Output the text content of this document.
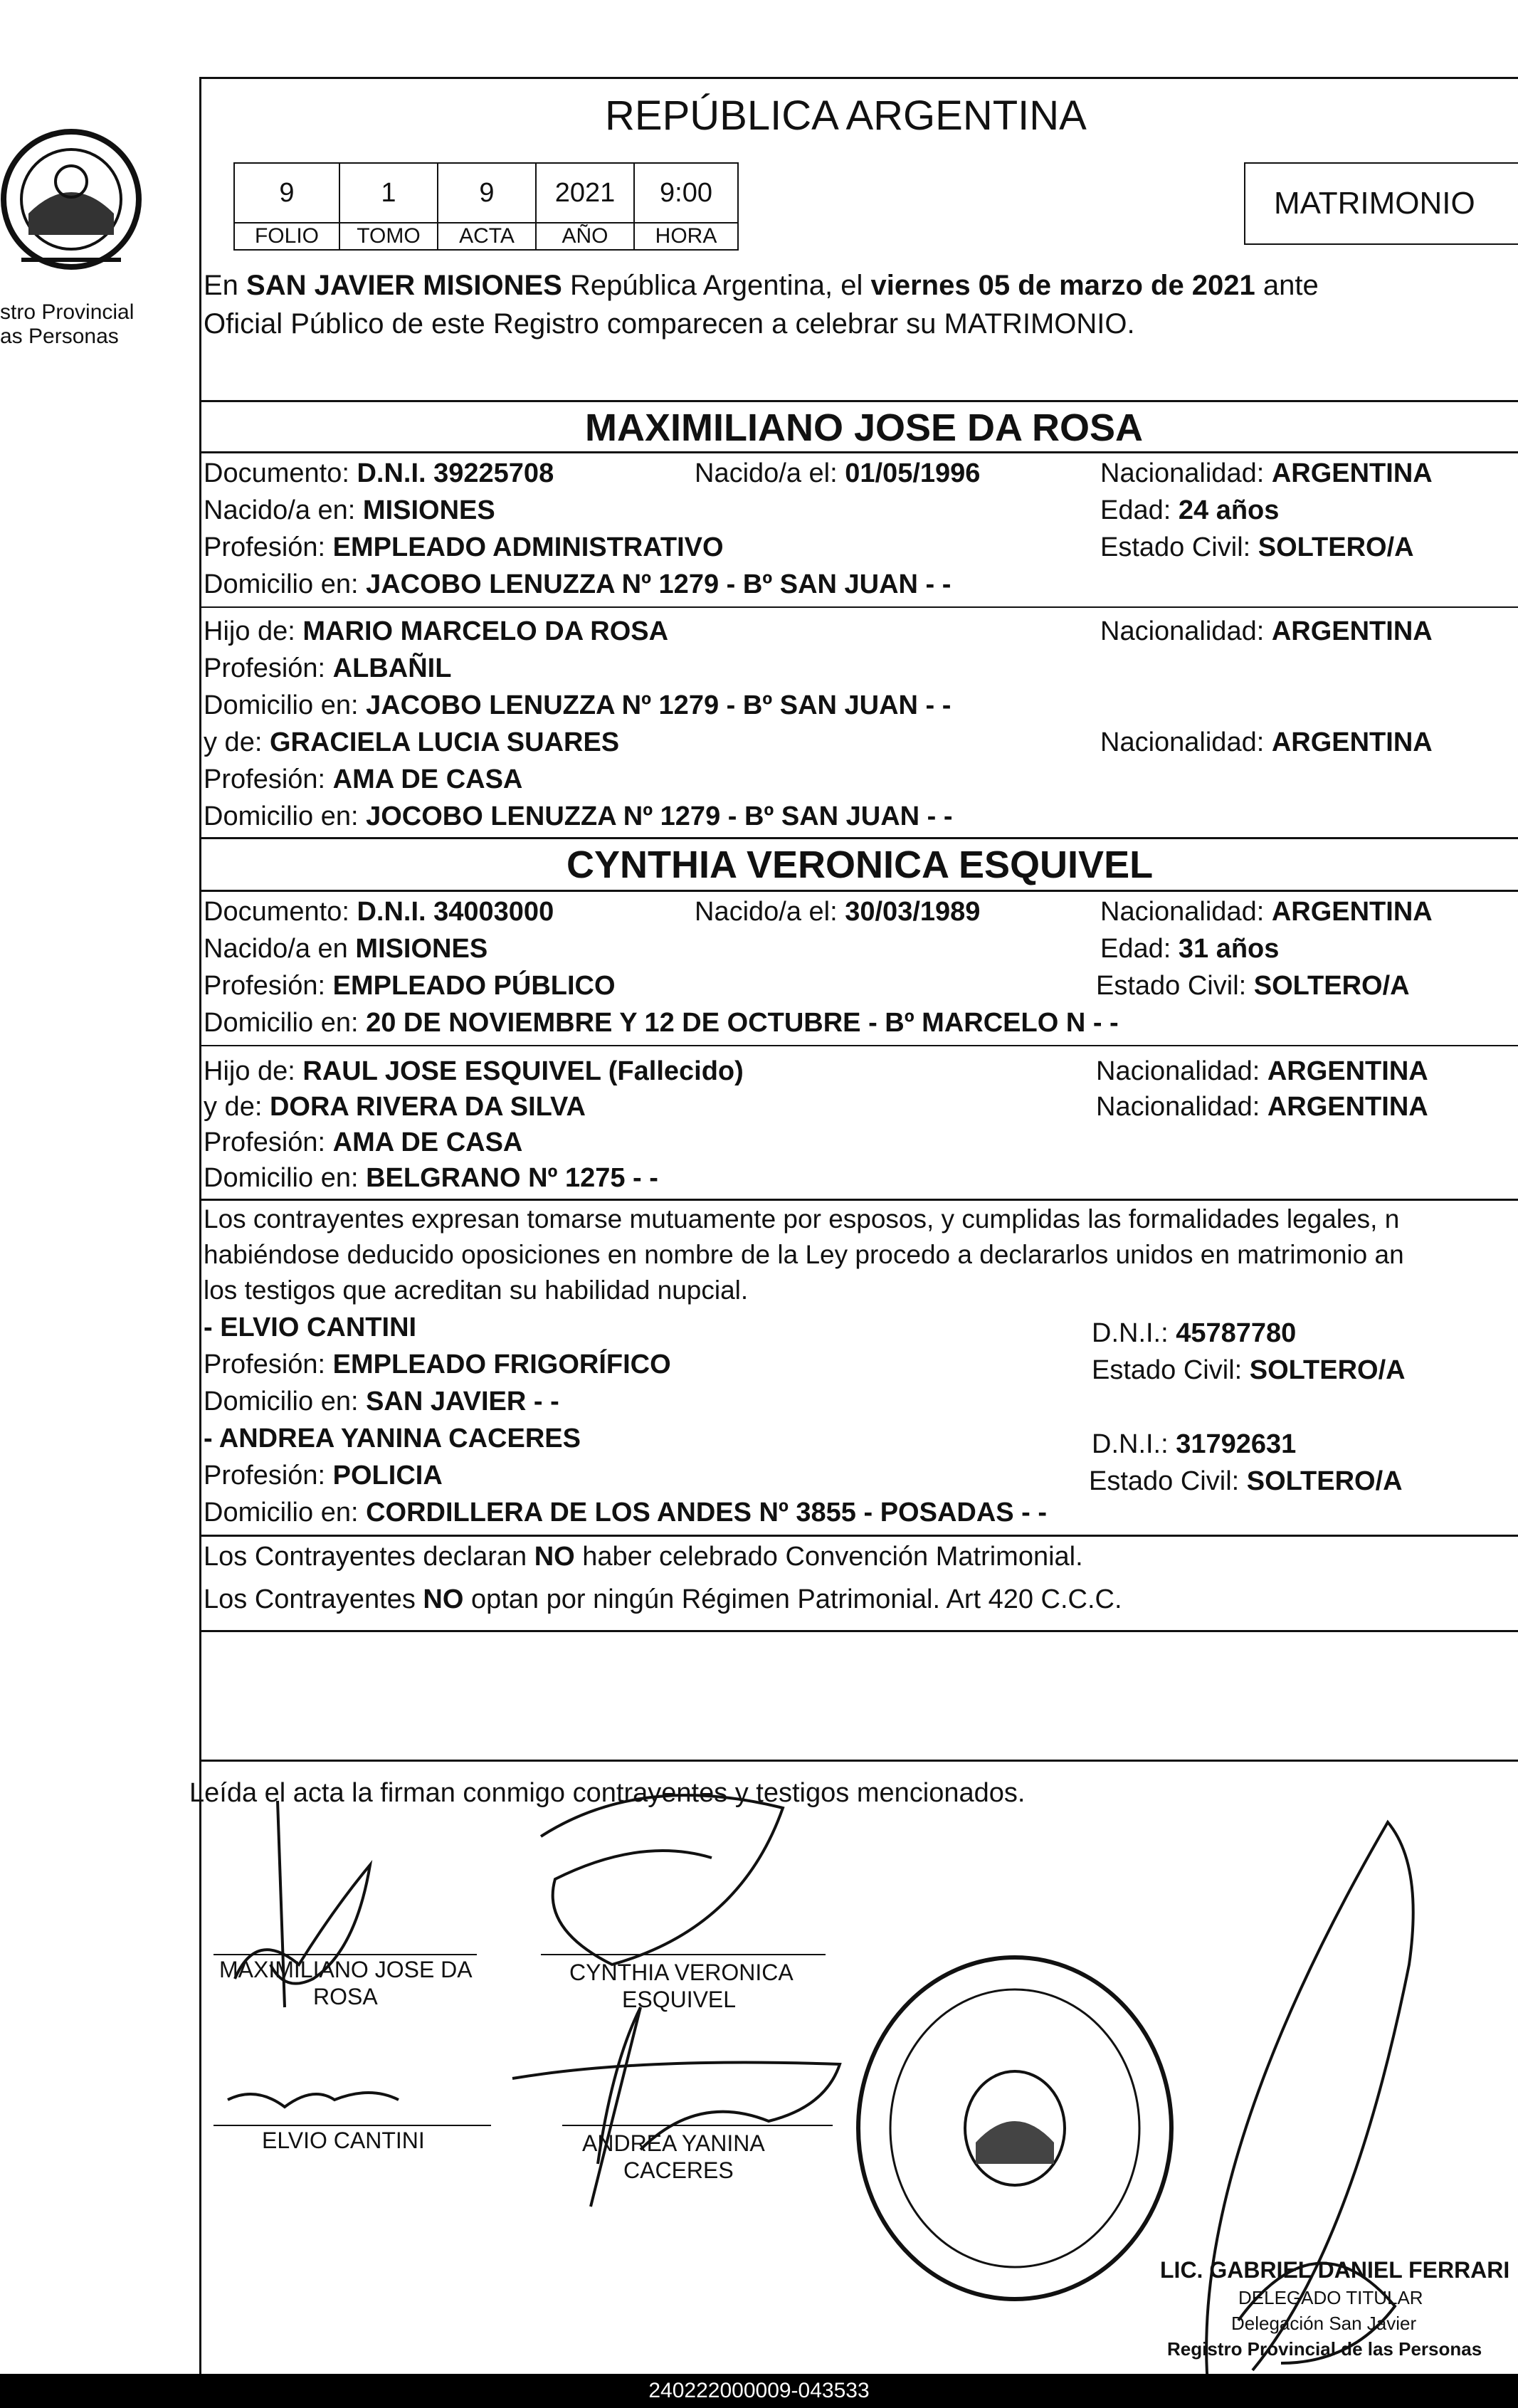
stro Provincial
as Personas
REPÚBLICA ARGENTINA
9	1	9	2021	9:00
FOLIO	TOMO	ACTA	AÑO	HORA
MATRIMONIO
En SAN JAVIER MISIONES República Argentina, el viernes 05 de marzo de 2021 ante
Oficial Público de este Registro comparecen a celebrar su MATRIMONIO.
MAXIMILIANO JOSE DA ROSA
Documento: D.N.I. 39225708	Nacido/a el: 01/05/1996	Nacionalidad: ARGENTINA
Nacido/a en: MISIONES	Edad: 24 años
Profesión: EMPLEADO ADMINISTRATIVO	Estado Civil: SOLTERO/A
Domicilio en: JACOBO LENUZZA Nº 1279 - Bº SAN JUAN - -
Hijo de: MARIO MARCELO DA ROSA	Nacionalidad: ARGENTINA
Profesión: ALBAÑIL
Domicilio en: JACOBO LENUZZA Nº 1279 - Bº SAN JUAN - -
y de: GRACIELA LUCIA SUARES	Nacionalidad: ARGENTINA
Profesión: AMA DE CASA
Domicilio en: JOCOBO LENUZZA Nº 1279 - Bº SAN JUAN - -
CYNTHIA VERONICA ESQUIVEL
Documento: D.N.I. 34003000	Nacido/a el: 30/03/1989	Nacionalidad: ARGENTINA
Nacido/a en MISIONES	Edad: 31 años
Profesión: EMPLEADO PÚBLICO	Estado Civil: SOLTERO/A
Domicilio en: 20 DE NOVIEMBRE Y 12 DE OCTUBRE - Bº MARCELO N - -
Hijo de: RAUL JOSE ESQUIVEL (Fallecido)	Nacionalidad: ARGENTINA
y de: DORA RIVERA DA SILVA	Nacionalidad: ARGENTINA
Profesión: AMA DE CASA
Domicilio en: BELGRANO Nº 1275 - -
Los contrayentes expresan tomarse mutuamente por esposos, y cumplidas las formalidades legales, n
habiéndose deducido oposiciones en nombre de la Ley procedo a declararlos unidos en matrimonio an
los testigos que acreditan su habilidad nupcial.
- ELVIO CANTINI	D.N.I.: 45787780
Profesión: EMPLEADO FRIGORÍFICO	Estado Civil: SOLTERO/A
Domicilio en: SAN JAVIER - -
- ANDREA YANINA CACERES	D.N.I.: 31792631
Profesión: POLICIA	Estado Civil: SOLTERO/A
Domicilio en: CORDILLERA DE LOS ANDES Nº 3855 - POSADAS - -
Los Contrayentes declaran NO haber celebrado Convención Matrimonial.
Los Contrayentes NO optan por ningún Régimen Patrimonial. Art 420 C.C.C.
Leída el acta la firman conmigo contrayentes y testigos mencionados.
MAXIMILIANO JOSE DA
ROSA
CYNTHIA VERONICA
ESQUIVEL
ELVIO CANTINI	ANDREA YANINA
CACERES
LIC. GABRIEL DANIEL FERRARI
DELEGADO TITULAR
Delegación San Javier
Registro Provincial de las Personas
240222000009-043533
